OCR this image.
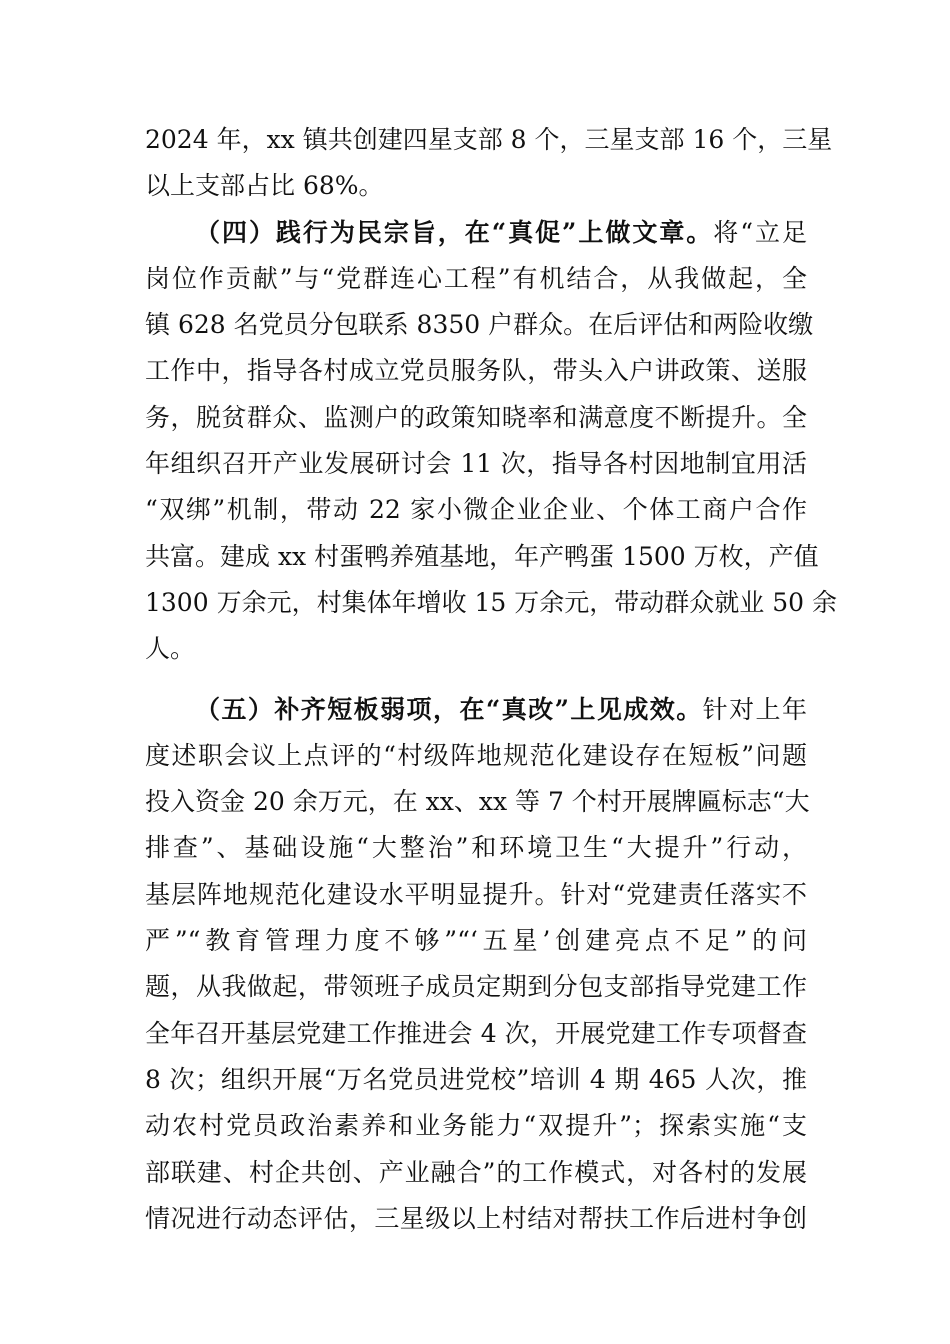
2024 年，xx 镇共创建四星支部 8 个，三星支部 16 个，三星
以上支部占比 68%。
（四）践行为民宗旨，在“真促”上做文章。将“立足
岗位作贡献”与“党群连心工程”有机结合，从我做起，全
镇 628 名党员分包联系 8350 户群众。在后评估和两险收缴
工作中，指导各村成立党员服务队，带头入户讲政策、送服
务，脱贫群众、监测户的政策知晓率和满意度不断提升。全
年组织召开产业发展研讨会 11 次，指导各村因地制宜用活
“双绑”机制，带动 22 家小微企业企业、个体工商户合作
共富。建成 xx 村蛋鸭养殖基地，年产鸭蛋 1500 万枚，产值
1300 万余元，村集体年增收 15 万余元，带动群众就业 50 余
人。
（五）补齐短板弱项，在“真改”上见成效。针对上年
度述职会议上点评的“村级阵地规范化建设存在短板”问题
投入资金 20 余万元，在 xx、xx 等 7 个村开展牌匾标志“大
排查”、基础设施“大整治”和环境卫生“大提升”行动，
基层阵地规范化建设水平明显提升。针对“党建责任落实不
严”“教育管理力度不够”“‘五星’创建亮点不足”的问
题，从我做起，带领班子成员定期到分包支部指导党建工作
全年召开基层党建工作推进会 4 次，开展党建工作专项督查
8 次；组织开展“万名党员进党校”培训 4 期 465 人次，推
动农村党员政治素养和业务能力“双提升”；探索实施“支
部联建、村企共创、产业融合”的工作模式，对各村的发展
情况进行动态评估，三星级以上村结对帮扶工作后进村争创
